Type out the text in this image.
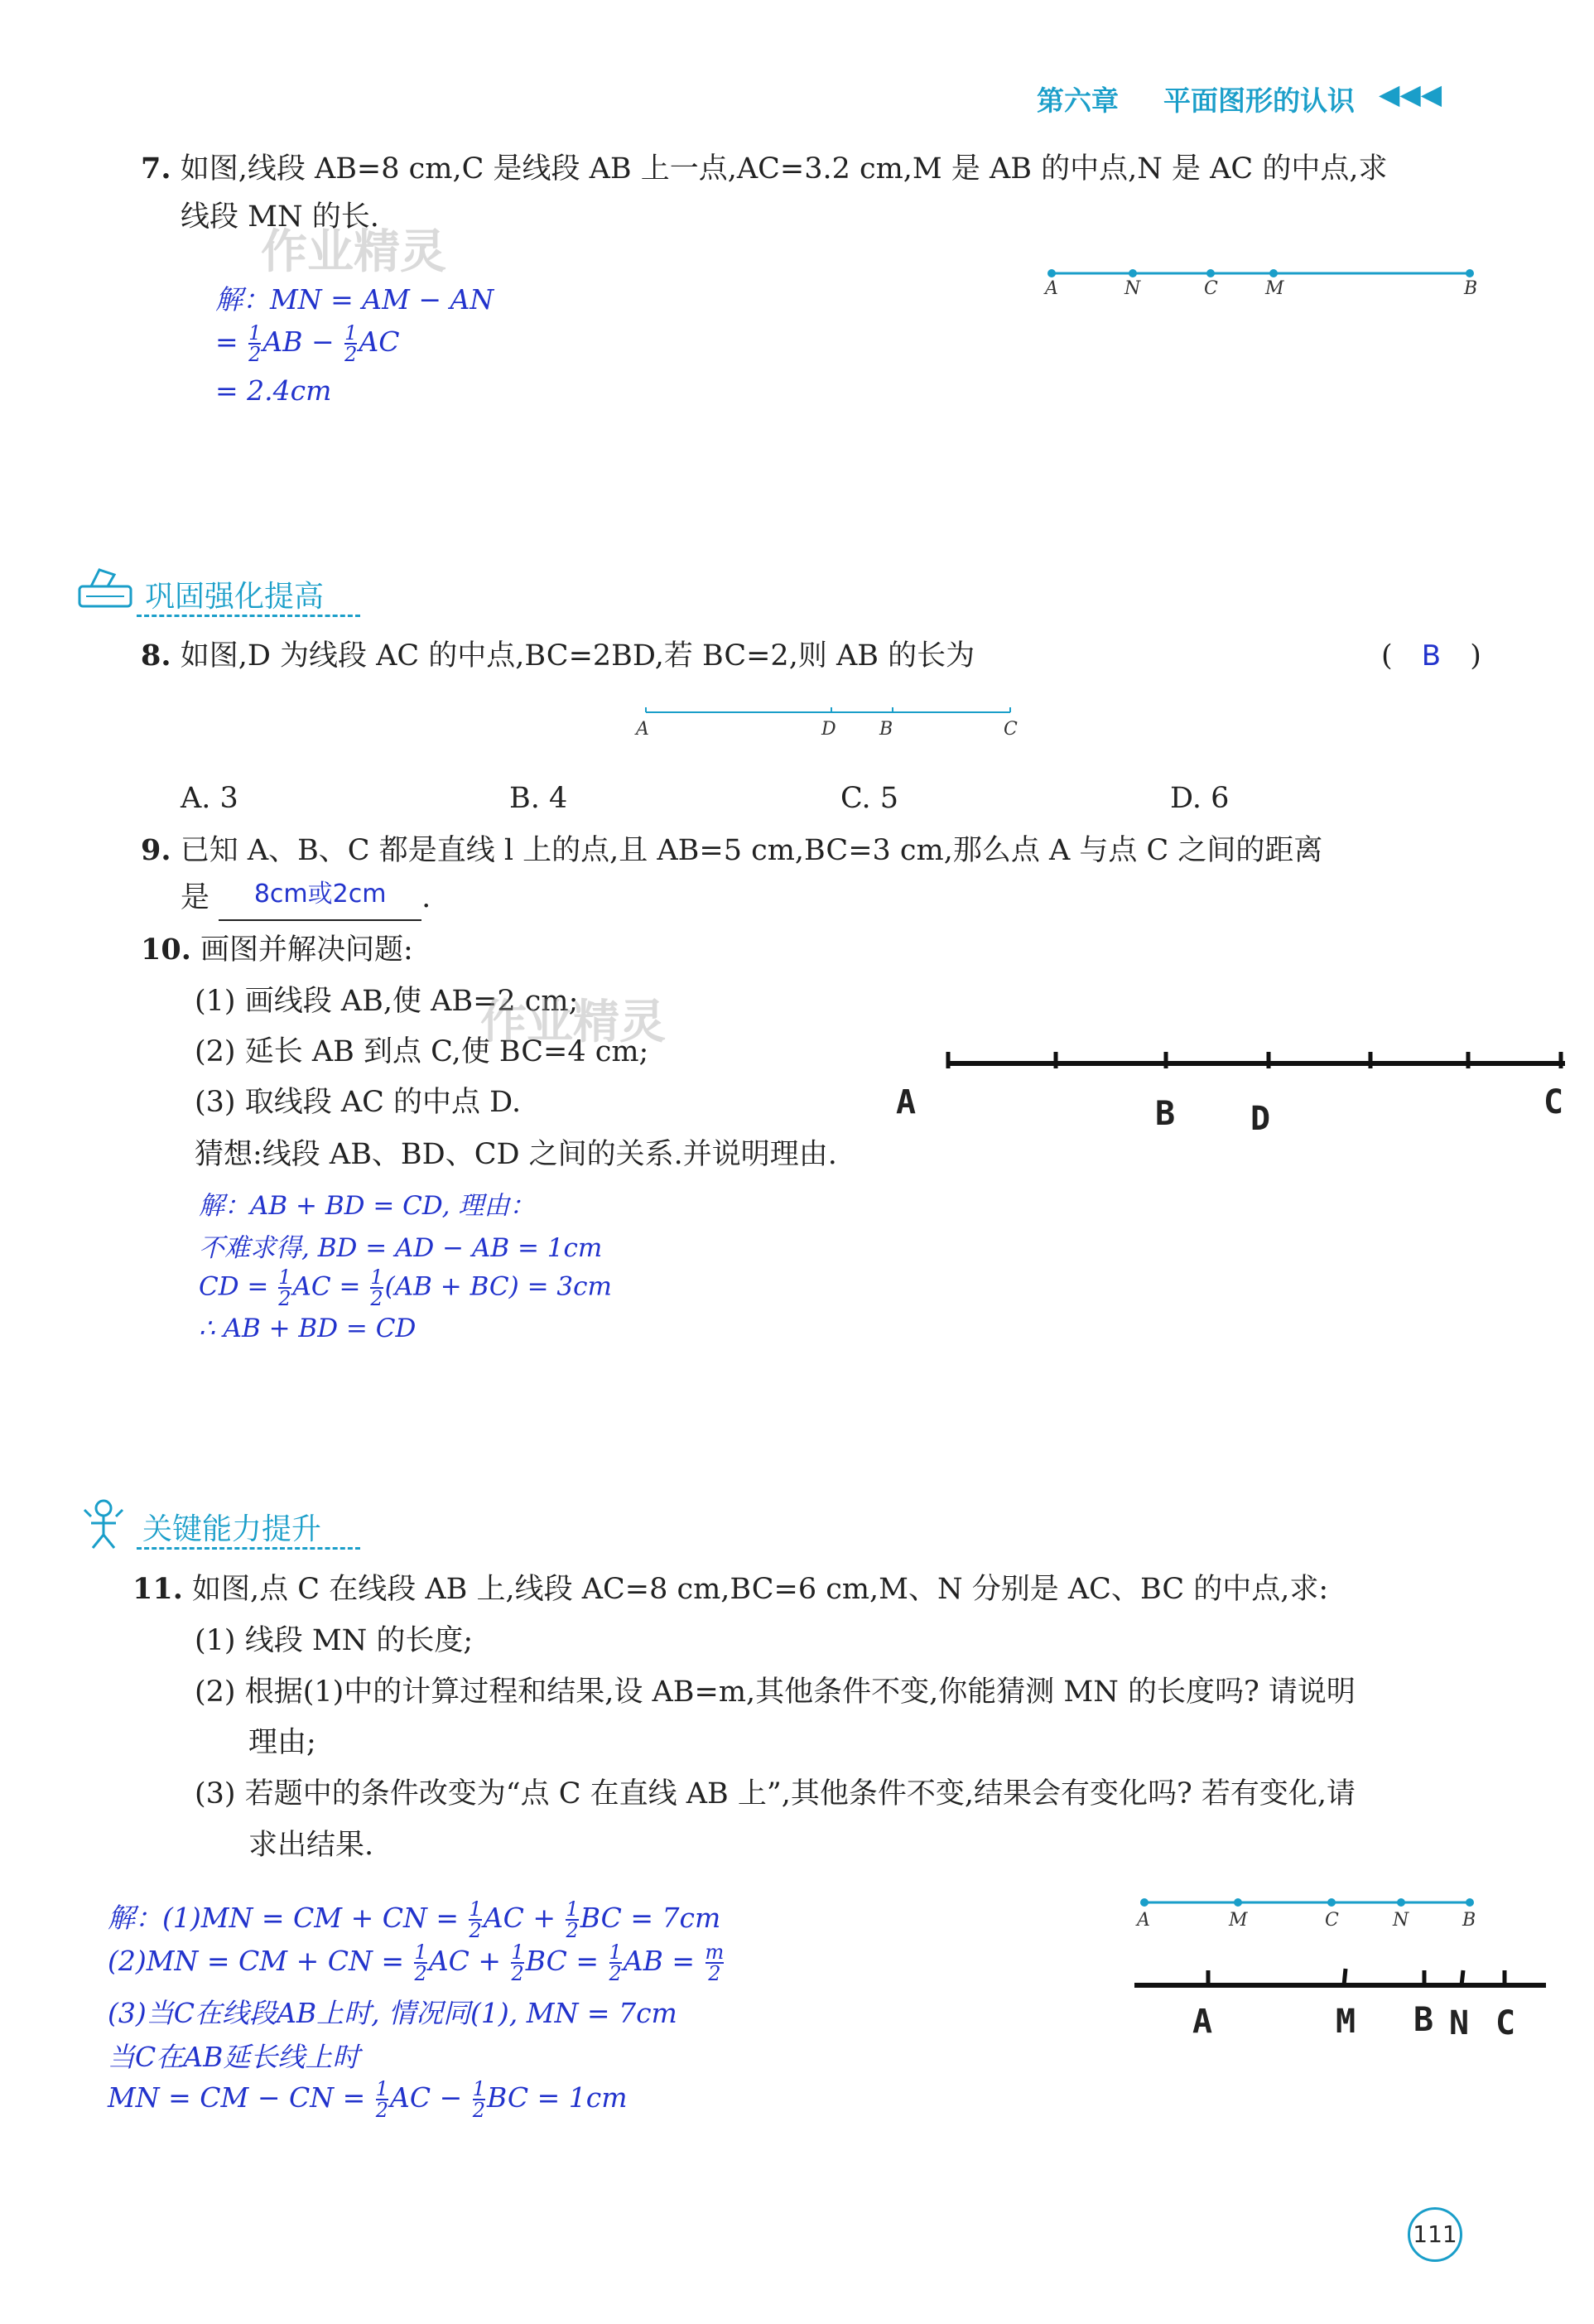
第六章 平面图形的认识 ◀◀◀
7. 如图,线段 AB=8 cm,C 是线段 AB 上一点,AC=3.2 cm,M 是 AB 的中点,N 是 AC 的中点,求
线段 MN 的长.
作业精灵
A	N	C	M	B
解：MN = AM − AN
= $\frac{1}{2}$ AB − $\frac{1}{2}$ AC
= 2.4cm
巩固强化提高
8. 如图,D 为线段 AC 的中点,BC=2BD,若 BC=2,则 AB 的长为	( B )
A	D B	C
A. 3	B. 4	C. 5	D. 6
9. 已知 A、B、C 都是直线 l 上的点,且 AB=5 cm,BC=3 cm,那么点 A 与点 C 之间的距离
是 8cm或2cm .
10. 画图并解决问题:
(1) 画线段 AB,使 AB=2 cm;
(2) 延长 AB 到点 C,使 BC=4 cm;
(3) 取线段 AC 的中点 D.
猜想:线段 AB、BD、CD 之间的关系.并说明理由.
作业精灵
A	B D	C
解：AB + BD = CD, 理由：
不难求得, BD = AD − AB = 1cm
CD = $\frac{1}{2}$ AC = $\frac{1}{2} (AB + BC) = 3cm$
∴ AB + BD = CD
关键能力提升
11. 如图,点 C 在线段 AB 上,线段 AC=8 cm,BC=6 cm,M、N 分别是 AC、BC 的中点,求:
(1) 线段 MN 的长度;
(2) 根据(1)中的计算过程和结果,设 AB=m,其他条件不变,你能猜测 MN 的长度吗? 请说明
理由;
(3) 若题中的条件改变为“点 C 在直线 AB 上”,其他条件不变,结果会有变化吗? 若有变化,请
求出结果.
A	M	C	N	B
A	M B N C
解：(1)MN = CM + CN = $\frac{1}{2}$ AC + $\frac{1}{2}$ BC = 7cm
(2)MN = CM + CN = $\frac{1}{2}$ AC + $\frac{1}{2}$ BC = $\frac{1}{2}$ AB = $\frac{m}{2}$
(3)当C在线段AB上时, 情况同(1), MN = 7cm
当C在AB延长线上时
MN = CM − CN = $\frac{1}{2}$ AC − $\frac{1}{2}$ BC = 1cm
111
